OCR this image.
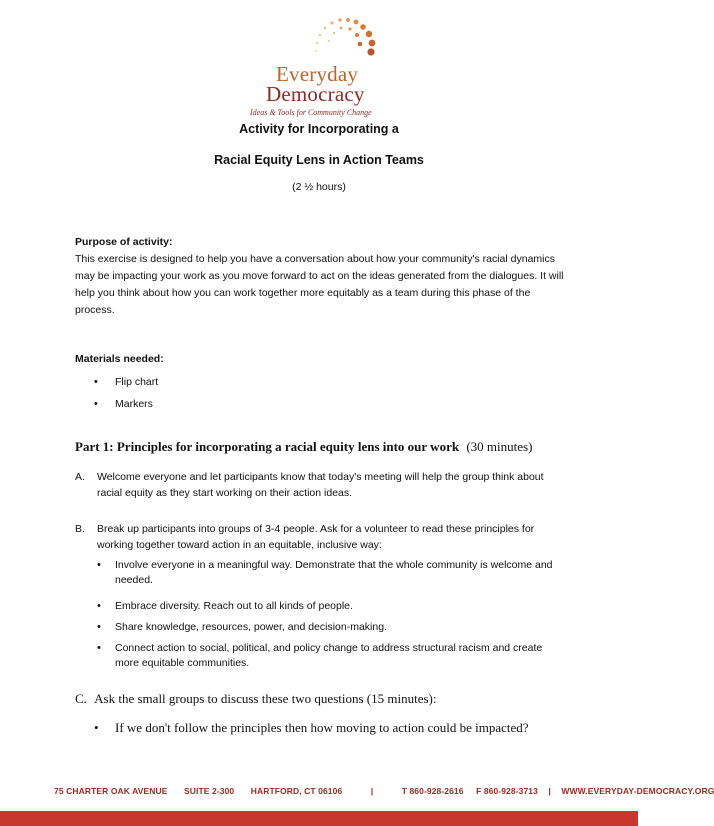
Everyday
Democracy
Ideas & Tools for Community Change
Activity for Incorporating a
Racial Equity Lens in Action Teams
(2 ½ hours)
Purpose of activity:
This exercise is designed to help you have a conversation about how your community's racial dynamics may be impacting your work as you move forward to act on the ideas generated from the dialogues. It will help you think about how you can work together more equitably as a team during this phase of the process.
Materials needed:
• Flip chart
• Markers
Part 1: Principles for incorporating a racial equity lens into our work (30 minutes)
A. Welcome everyone and let participants know that today's meeting will help the group think about racial equity as they start working on their action ideas.
B. Break up participants into groups of 3-4 people. Ask for a volunteer to read these principles for working together toward action in an equitable, inclusive way:
• Involve everyone in a meaningful way. Demonstrate that the whole community is welcome and needed.
• Embrace diversity. Reach out to all kinds of people.
• Share knowledge, resources, power, and decision-making.
• Connect action to social, political, and policy change to address structural racism and create more equitable communities.
C. Ask the small groups to discuss these two questions (15 minutes):
• If we don't follow the principles then how moving to action could be impacted?
75 CHARTER OAK AVENUE SUITE 2-300 HARTFORD, CT 06106	|	T 860-928-2616 F 860-928-3713 | WWW.EVERYDAY-DEMOCRACY.ORG
